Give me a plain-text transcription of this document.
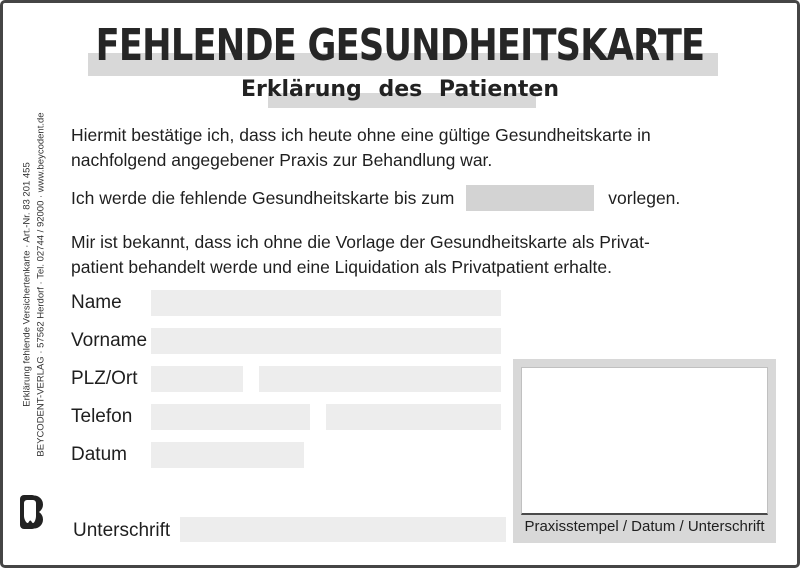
FEHLENDE GESUNDHEITSKARTE
Erklärung des Patienten
Hiermit bestätige ich, dass ich heute ohne eine gültige Gesundheitskarte in
nachfolgend angegebener Praxis zur Behandlung war.
Ich werde die fehlende Gesundheitskarte bis zum	vorlegen.
Mir ist bekannt, dass ich ohne die Vorlage der Gesundheitskarte als Privat-
patient behandelt werde und eine Liquidation als Privatpatient erhalte.
Name
Vorname
PLZ/Ort
Telefon
Datum
Unterschrift	Praxisstempel / Datum / Unterschrift
Erklärung fehlende Versichertenkarte · Art.-Nr. 83 201 455 BEYCODENT-VERLAG · 57562 Herdorf · Tel. 02744 / 92000 · www.beycodent.de
